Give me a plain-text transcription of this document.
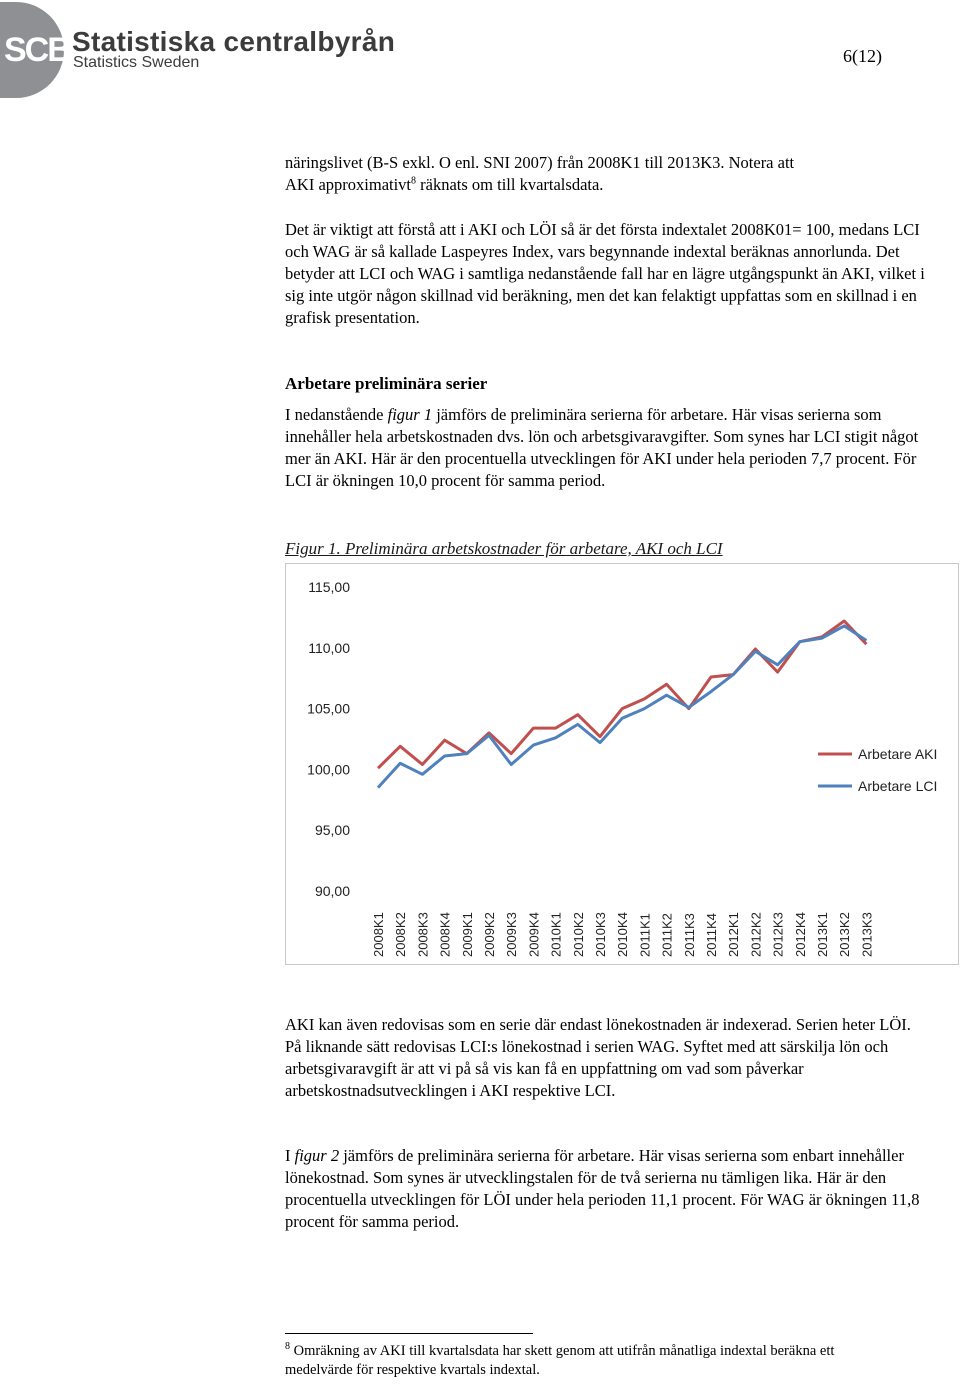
SCB Statistiska centralbyrån
Statistics Sweden	6(12)
näringslivet (B-S exkl. O enl. SNI 2007) från 2008K1 till 2013K3. Notera att
AKI approximativt$^8$ räknats om till kvartalsdata.
Det är viktigt att förstå att i AKI och LÖI så är det första indextalet 2008K01= 100, medans LCI och WAG är så kallade Laspeyres Index, vars begynnande indextal beräknas annorlunda. Det betyder att LCI och WAG i samtliga nedanstående fall har en lägre utgångspunkt än AKI, vilket i sig inte utgör någon skillnad vid beräkning, men det kan felaktigt uppfattas som en skillnad i en grafisk presentation.
Arbetare preliminära serier
I nedanstående figur 1 jämförs de preliminära serierna för arbetare. Här visas serierna som innehåller hela arbetskostnaden dvs. lön och arbetsgivaravgifter. Som synes har LCI stigit något mer än AKI. Här är den procentuella utvecklingen för AKI under hela perioden 7,7 procent. För LCI är ökningen 10,0 procent för samma period.
Figur 1. Preliminära arbetskostnader för arbetare, AKI och LCI
115,00
110,00
105,00
100,00
95,00
90,00
2008K1 2008K2 2008K3 2008K4 2009K1 2009K2 2009K3 2009K4 2010K1 2010K2 2010K3 2010K4 2011K1 2011K2 2011K3 2011K4 2012K1 2012K2 2012K3 2012K4 2013K1 2013K2 2013K3
Arbetare AKI
Arbetare LCI
AKI kan även redovisas som en serie där endast lönekostnaden är indexerad. Serien heter LÖI. På liknande sätt redovisas LCI:s lönekostnad i serien WAG. Syftet med att särskilja lön och arbetsgivaravgift är att vi på så vis kan få en uppfattning om vad som påverkar arbetskostnadsutvecklingen i AKI respektive LCI.
I figur 2 jämförs de preliminära serierna för arbetare. Här visas serierna som enbart innehåller lönekostnad. Som synes är utvecklingstalen för de två serierna nu tämligen lika. Här är den procentuella utvecklingen för LÖI under hela perioden 11,1 procent. För WAG är ökningen 11,8 procent för samma period.
$^8$ Omräkning av AKI till kvartalsdata har skett genom att utifrån månatliga indextal beräkna ett medelvärde för respektive kvartals indextal.
